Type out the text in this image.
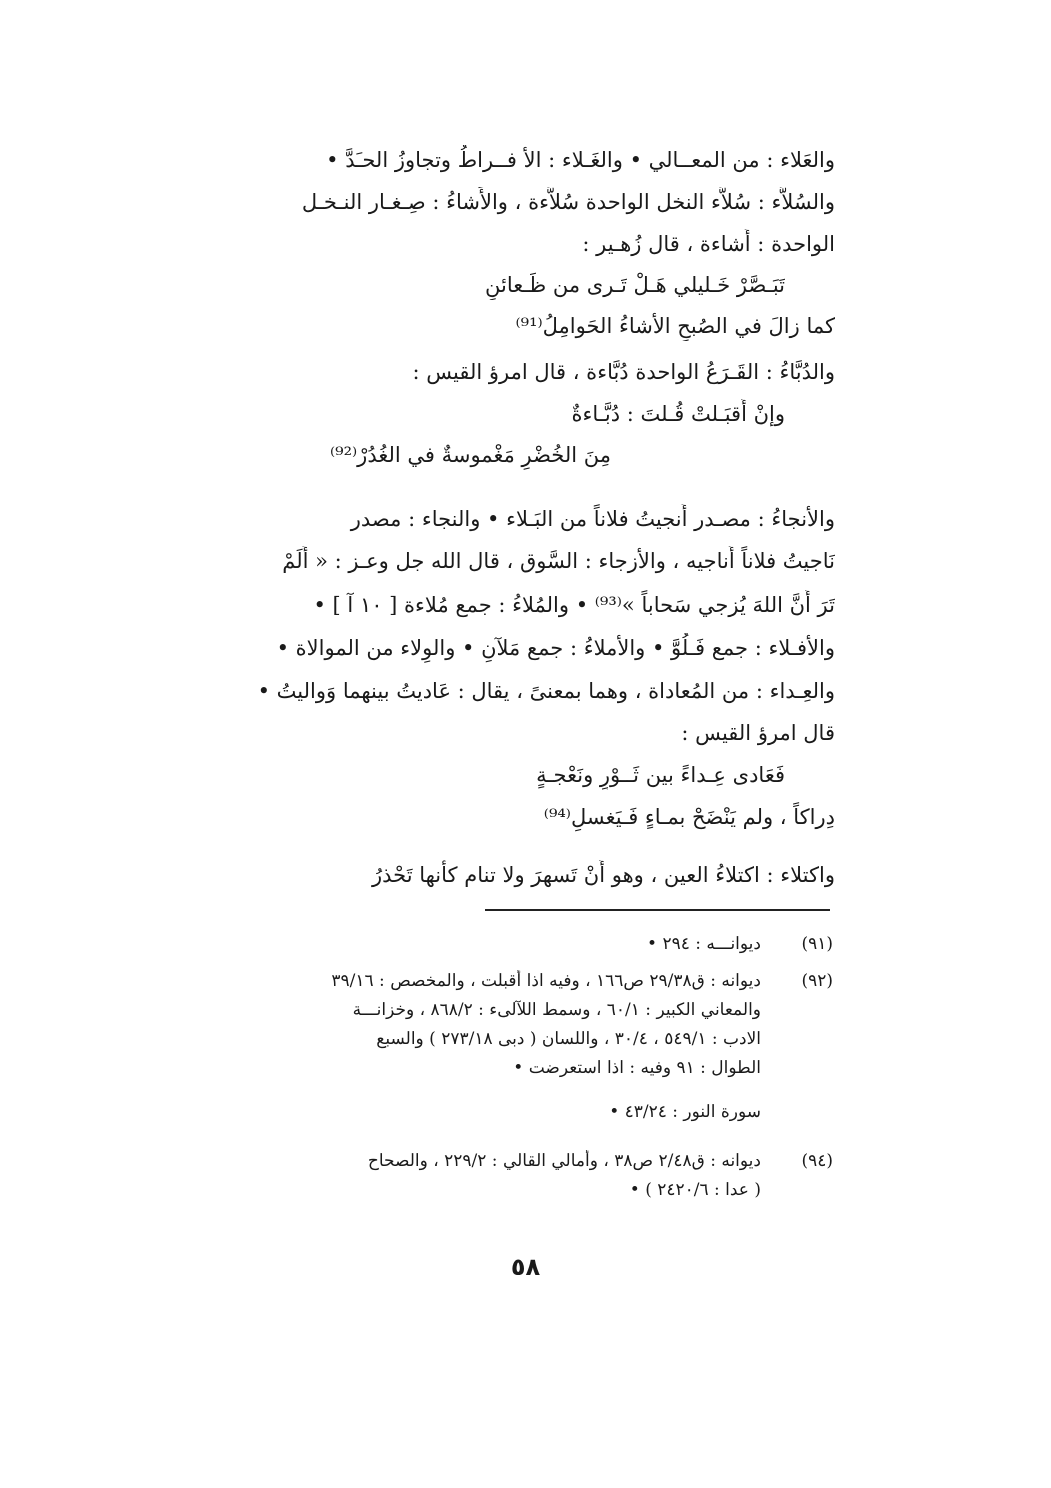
والعَلاء : من المعــالي • والغَـلاء : الأ فــراطُ وتجاوزُ الحـَدَّ •
والسُلاَّء : سُلاَّء النخل الواحدة سُلاَّءة ، والأَشاءُ : صِـغـار النـخـل
الواحدة : أَشاءة ، قال زُهـير :
تَبَـصَّرْ خَـليلي هَـلْ تَـرى من ظَـعائنٍ
كما زالَ في الصُبحِ الأشاءُ الحَوامِلُ⁽⁹¹⁾
والدُبَّاءُ : القَـرَعُ الواحدة دُبَّاءة ، قال امرؤ القيس :
وإنْ أَقبَـلتْ قُـلتَ : دُبَّـاءةٌ
مِنَ الخُضْرِ مَغْموسةٌ في الغُدُرْ⁽⁹²⁾
والأنجاءُ : مصـدر أَنجيتُ فلاناً من البَـلاء • والنجاء : مصدر
نَاجيتُ فلاناً أُناجيه ، والأزجاء : السَّوق ، قال الله جل وعـز : « أَلَمْ
تَرَ أَنَّ اللهَ يُزجي سَحاباً »⁽⁹³⁾ • والمُلاءُ : جمع مُلاءة [ ١٠ آ ] •
والأفـلاء : جمع فَـلُوَّ • والأملاءُ : جمع مَلآنِ • والوِلاء من الموالاة •
والعِـداء : من المُعاداة ، وهما بمعنىً ، يقال : عَاديتُ بينهما وَواليتُ •
قال امرؤ القيس :
فَعَادى عِـداءً بين ثَــوْرٍ ونَعْجـةٍ
دِراكاً ، ولم يَنْضَحْ بمـاءٍ فَـيَغسلِ⁽⁹⁴⁾
واكتلاء : اكتلاءُ العين ، وهو أَنْ تَسهرَ ولا تنام كأنها تَحْذرُ
(٩١)
ديوانـــه : ٢٩٤ •
(٩٢)
ديوانه : ق٢٩/٣٨ ص١٦٦ ، وفيه اذا أقبلت ، والمخصص : ٣٩/١٦
والمعاني الكبير : ٦٠/١ ، وسمط اللآلىء : ٨٦٨/٢ ، وخزانـــة
الادب : ٥٤٩/١ ، ٣٠/٤ ، واللسان ( دبى ٢٧٣/١٨ ) والسبع
الطوال : ٩١ وفيه : اذا استعرضت •
سورة النور : ٤٣/٢٤ •
(٩٤)
ديوانه : ق٢/٤٨ ص٣٨ ، وأمالي القالي : ٢٢٩/٢ ، والصحاح
( عدا : ٢٤٢٠/٦ ) •
٥٨
